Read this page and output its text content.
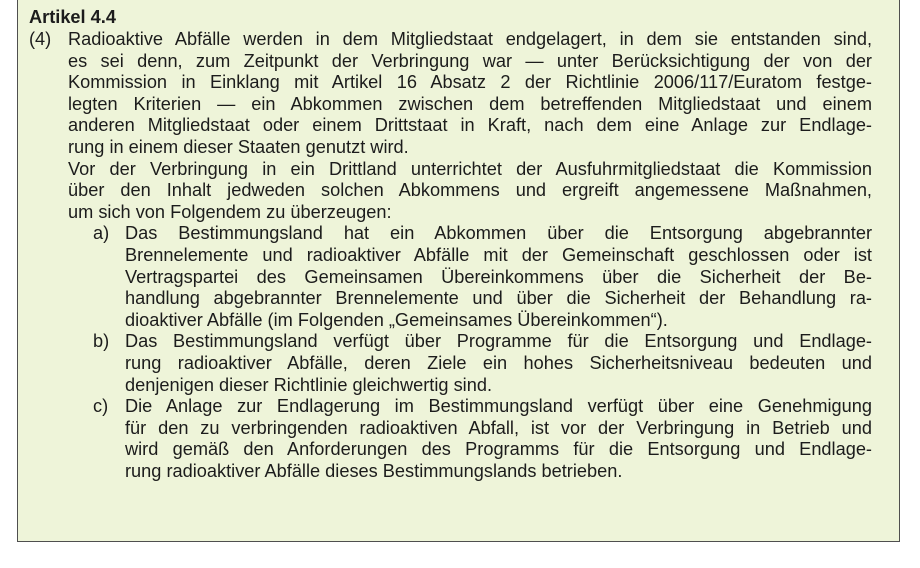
Artikel 4.4
(4) Radioaktive Abfälle werden in dem Mitgliedstaat endgelagert, in dem sie entstanden sind,
es sei denn, zum Zeitpunkt der Verbringung war — unter Berücksichtigung der von der
Kommission in Einklang mit Artikel 16 Absatz 2 der Richtlinie 2006/117/Euratom festge-
legten Kriterien — ein Abkommen zwischen dem betreffenden Mitgliedstaat und einem
anderen Mitgliedstaat oder einem Drittstaat in Kraft, nach dem eine Anlage zur Endlage-
rung in einem dieser Staaten genutzt wird.
Vor der Verbringung in ein Drittland unterrichtet der Ausfuhrmitgliedstaat die Kommission
über den Inhalt jedweden solchen Abkommens und ergreift angemessene Maßnahmen,
um sich von Folgendem zu überzeugen:
a) Das Bestimmungsland hat ein Abkommen über die Entsorgung abgebrannter
Brennelemente und radioaktiver Abfälle mit der Gemeinschaft geschlossen oder ist
Vertragspartei des Gemeinsamen Übereinkommens über die Sicherheit der Be-
handlung abgebrannter Brennelemente und über die Sicherheit der Behandlung ra-
dioaktiver Abfälle (im Folgenden „Gemeinsames Übereinkommen“).
b) Das Bestimmungsland verfügt über Programme für die Entsorgung und Endlage-
rung radioaktiver Abfälle, deren Ziele ein hohes Sicherheitsniveau bedeuten und
denjenigen dieser Richtlinie gleichwertig sind.
c) Die Anlage zur Endlagerung im Bestimmungsland verfügt über eine Genehmigung
für den zu verbringenden radioaktiven Abfall, ist vor der Verbringung in Betrieb und
wird gemäß den Anforderungen des Programms für die Entsorgung und Endlage-
rung radioaktiver Abfälle dieses Bestimmungslands betrieben.
